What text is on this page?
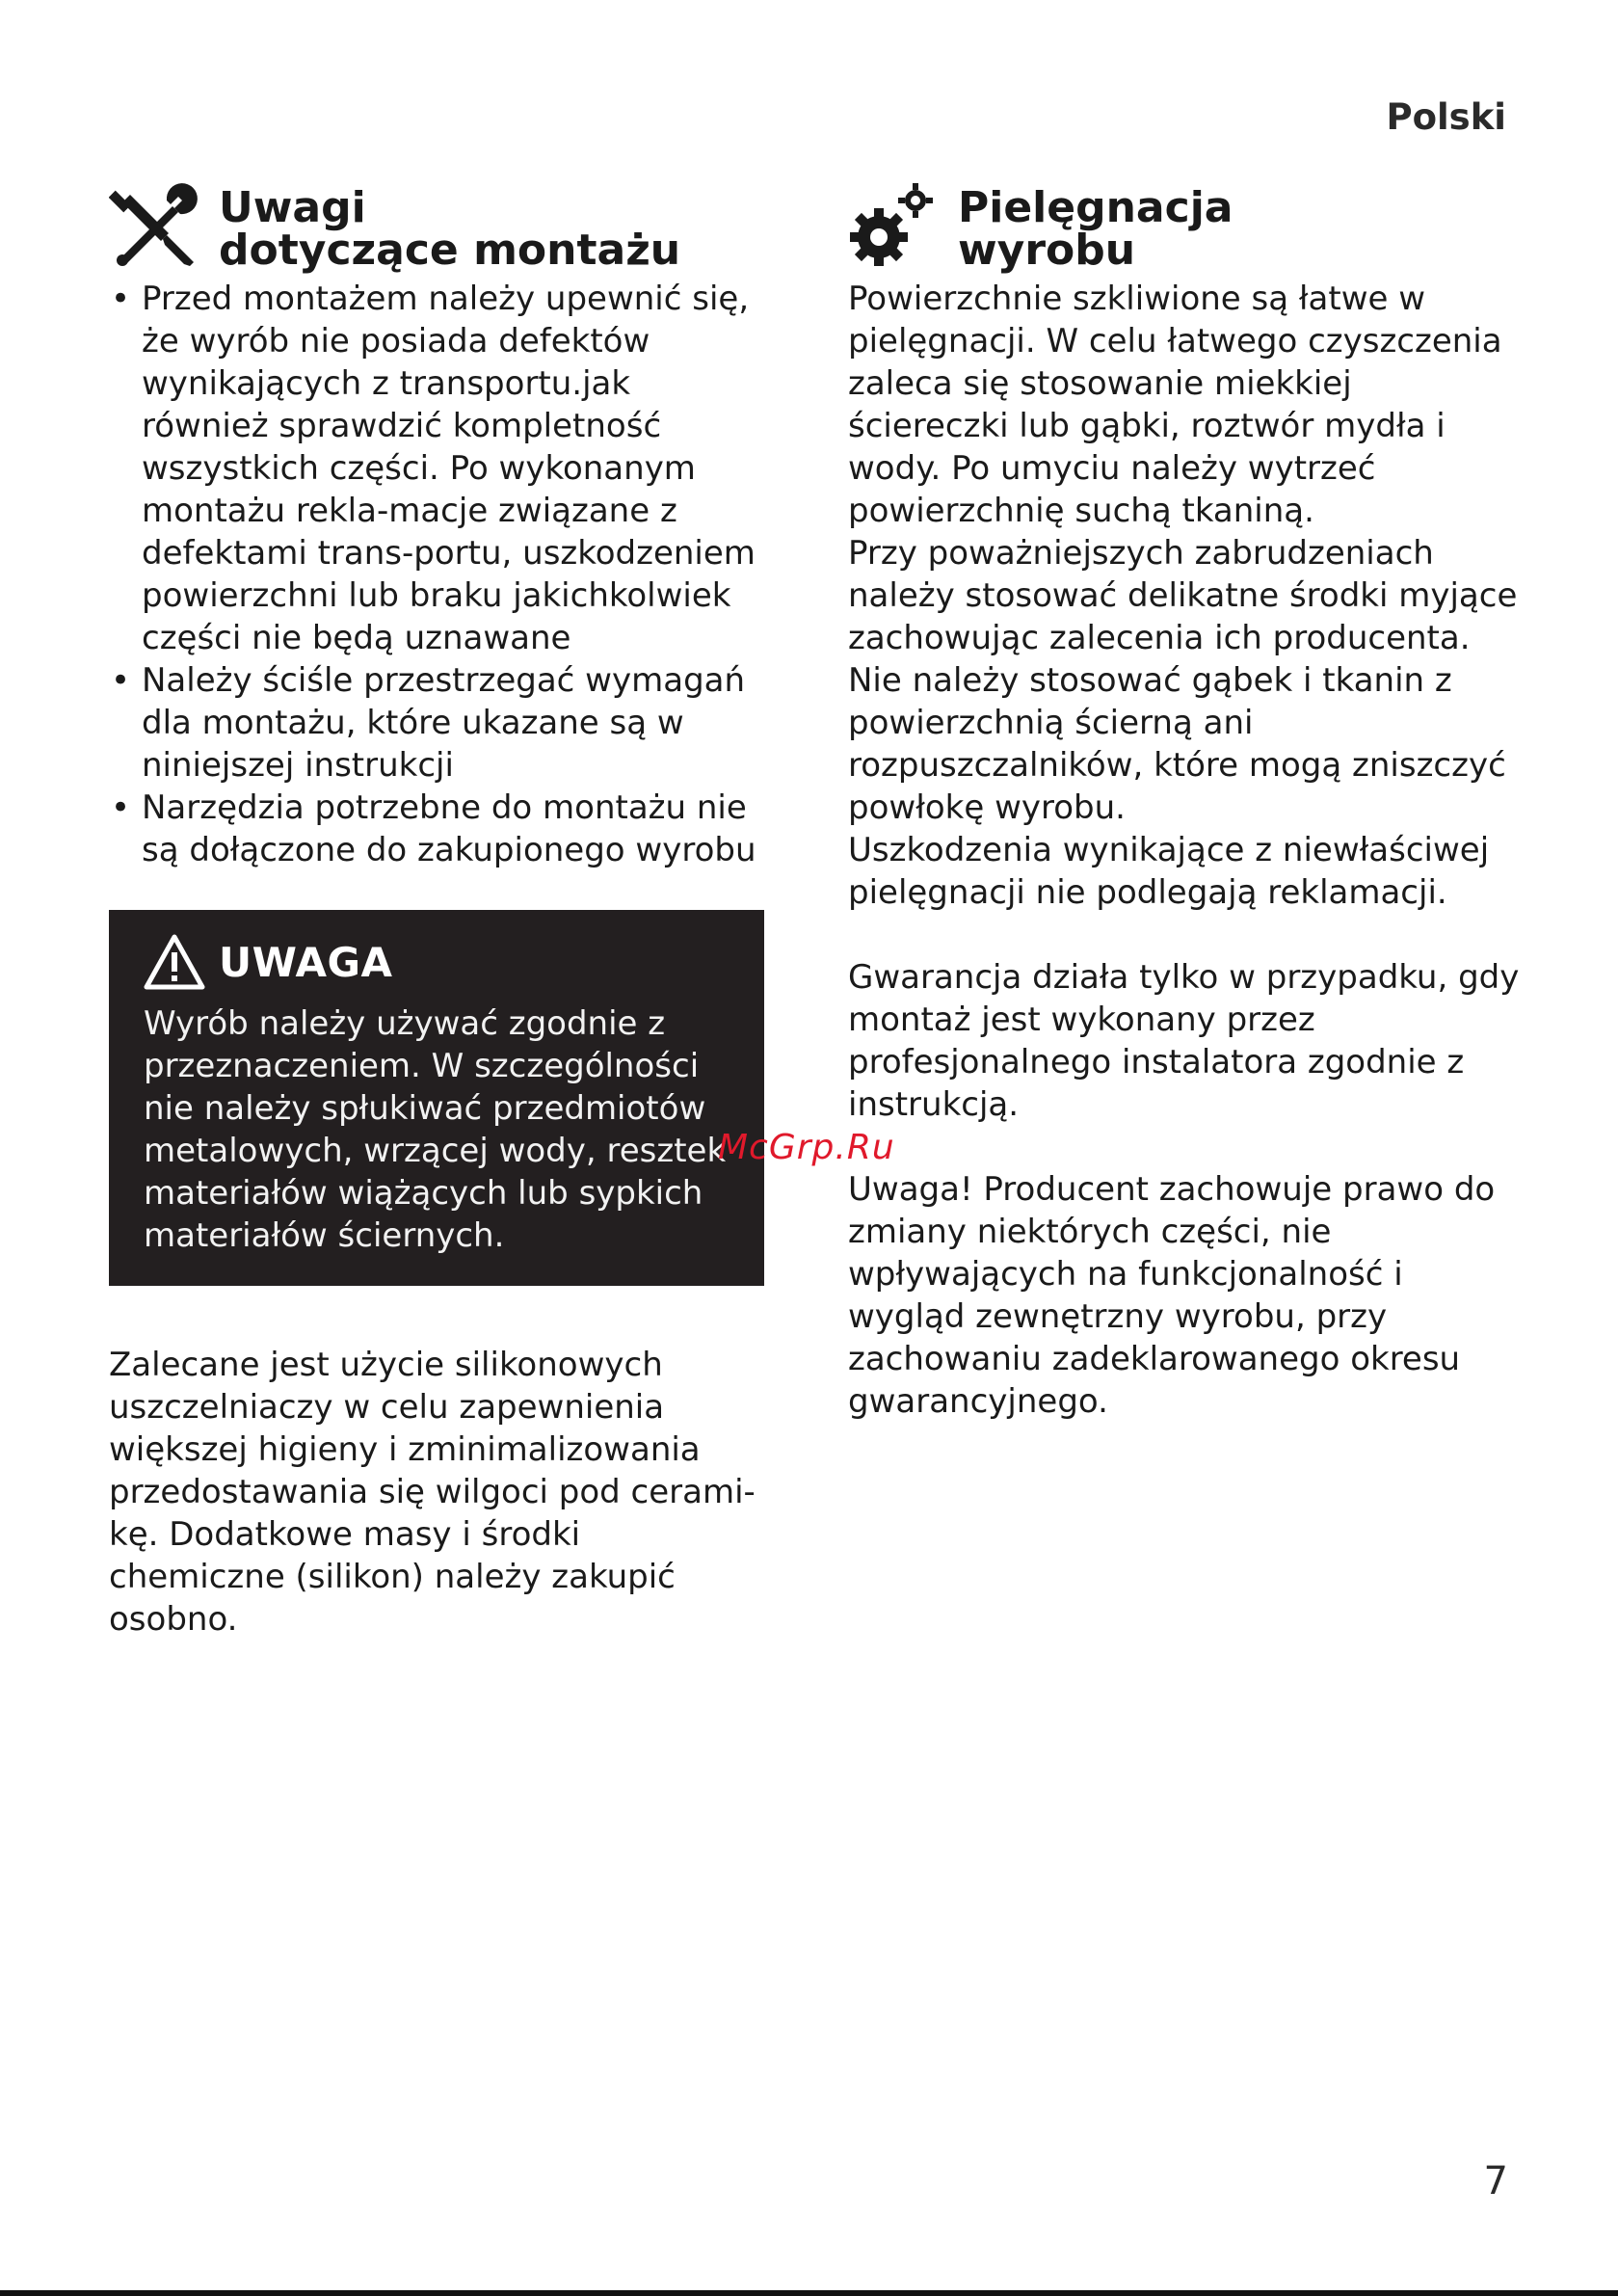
Polski
Uwagi
dotyczące montażu
• Przed montażem należy upewnić się, że wyrób nie posiada defektów wynikających z transportu.jak również sprawdzić kompletność wszystkich części. Po wykonanym montażu rekla-macje związane z defektami trans-portu, uszkodzeniem powierzchni lub braku jakichkolwiek części nie będą uznawane
• Należy ściśle przestrzegać wymagań dla montażu, które ukazane są w niniejszej instrukcji
• Narzędzia potrzebne do montażu nie są dołączone do zakupionego wyrobu
UWAGA

Wyrób należy używać zgodnie z przeznaczeniem. W szczególności nie należy spłukiwać przedmiotów metalowych, wrzącej wody, resztek materiałów wiążących lub sypkich materiałów ściernych.

Zalecane jest użycie silikonowych uszczelniaczy w celu zapewnienia większej higieny i zminimalizowania przedostawania się wilgoci pod cerami-kę. Dodatkowe masy i środki chemiczne (silikon) należy zakupić osobno.

Pielęgnacja
wyrobu

Powierzchnie szkliwione są łatwe w pielęgnacji. W celu łatwego czyszczenia zaleca się stosowanie miekkiej ściereczki lub gąbki, roztwór mydła i wody. Po umyciu należy wytrzeć powierzchnię suchą tkaniną.

Przy poważniejszych zabrudzeniach należy stosować delikatne środki myjące zachowując zalecenia ich producenta.

Nie należy stosować gąbek i tkanin z powierzchnią ścierną ani rozpuszczalników, które mogą zniszczyć powłokę wyrobu.

Uszkodzenia wynikające z niewłaściwej pielęgnacji nie podlegają reklamacji.

Gwarancja działa tylko w przypadku, gdy montaż jest wykonany przez profesjonalnego instalatora zgodnie z instrukcją.

Uwaga! Producent zachowuje prawo do zmiany niektórych części, nie wpływających na funkcjonalność i wygląd zewnętrzny wyrobu, przy zachowaniu zadeklarowanego okresu gwarancyjnego.

McGrp.Ru
7
